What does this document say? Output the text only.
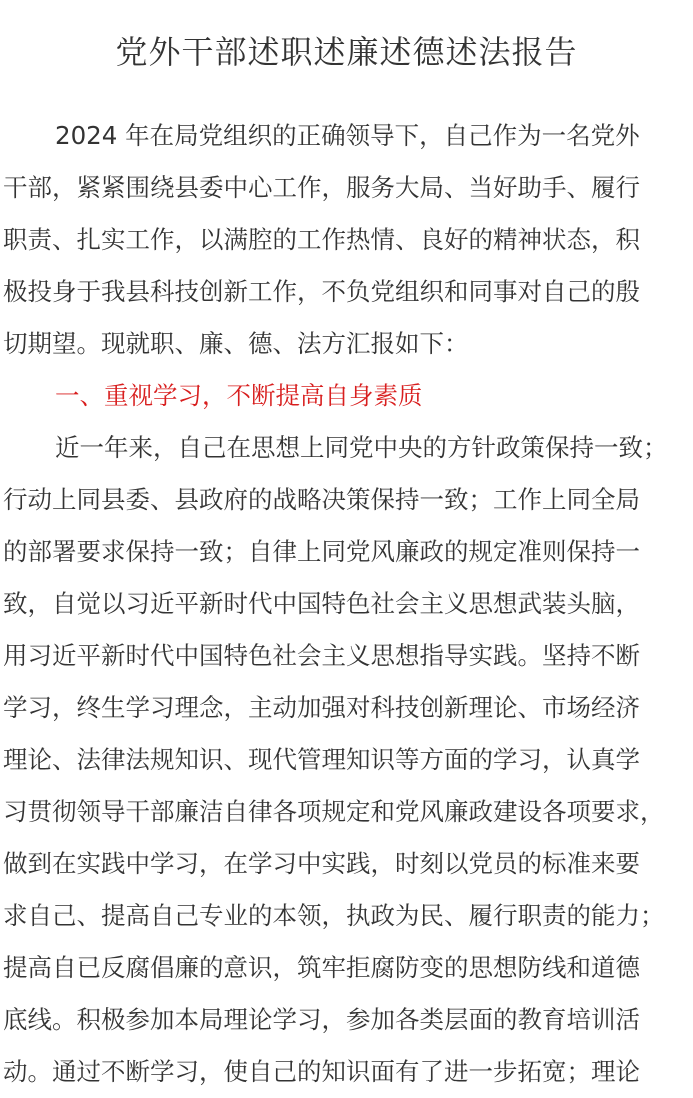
党外干部述职述廉述德述法报告
2024 年在局党组织的正确领导下，自己作为一名党外
干部，紧紧围绕县委中心工作，服务大局、当好助手、履行
职责、扎实工作，以满腔的工作热情、良好的精神状态，积
极投身于我县科技创新工作，不负党组织和同事对自己的殷
切期望。现就职、廉、德、法方汇报如下：
一、重视学习，不断提高自身素质
近一年来，自己在思想上同党中央的方针政策保持一致；
行动上同县委、县政府的战略决策保持一致；工作上同全局
的部署要求保持一致；自律上同党风廉政的规定准则保持一
致，自觉以习近平新时代中国特色社会主义思想武装头脑，
用习近平新时代中国特色社会主义思想指导实践。坚持不断
学习，终生学习理念，主动加强对科技创新理论、市场经济
理论、法律法规知识、现代管理知识等方面的学习，认真学
习贯彻领导干部廉洁自律各项规定和党风廉政建设各项要求，
做到在实践中学习，在学习中实践，时刻以党员的标准来要
求自己、提高自己专业的本领，执政为民、履行职责的能力；
提高自已反腐倡廉的意识，筑牢拒腐防变的思想防线和道德
底线。积极参加本局理论学习，参加各类层面的教育培训活
动。通过不断学习，使自己的知识面有了进一步拓宽；理论
